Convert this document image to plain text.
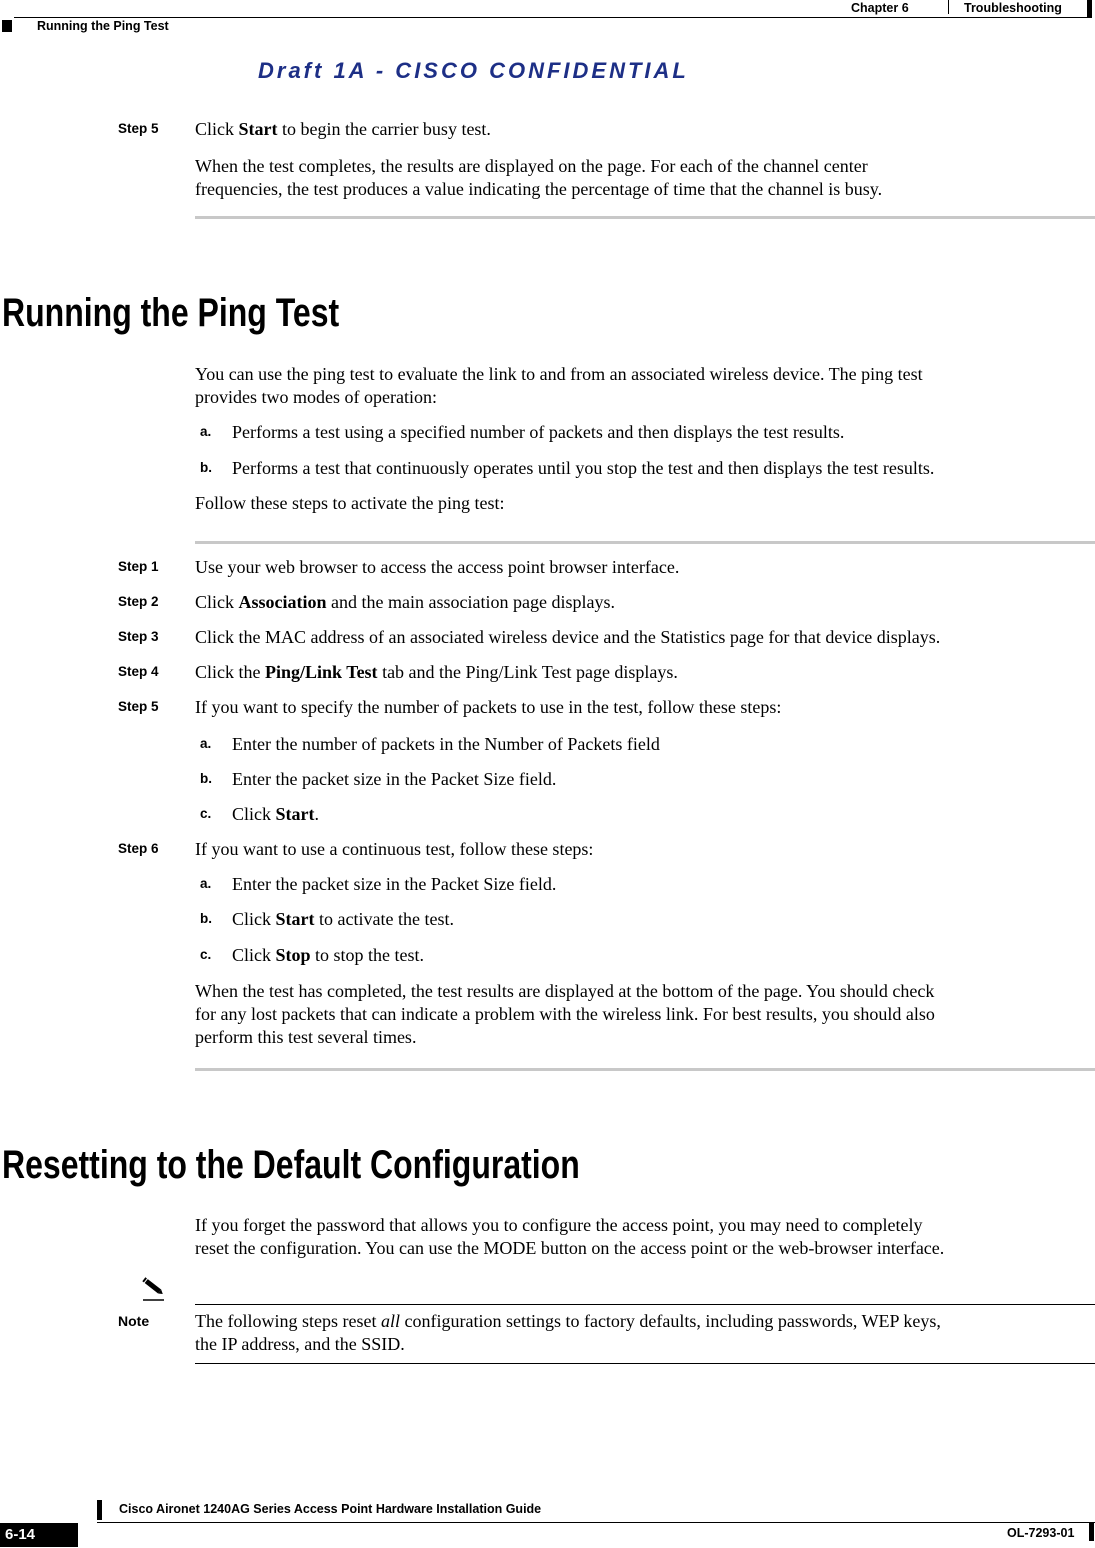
Chapter 6	Troubleshooting
Running the Ping Test
Draft 1A - CISCO CONFIDENTIAL
Step 5 Click Start to begin the carrier busy test.
When the test completes, the results are displayed on the page. For each of the channel center
frequencies, the test produces a value indicating the percentage of time that the channel is busy.
Running the Ping Test
You can use the ping test to evaluate the link to and from an associated wireless device. The ping test
provides two modes of operation:
a. Performs a test using a specified number of packets and then displays the test results.
b. Performs a test that continuously operates until you stop the test and then displays the test results.
Follow these steps to activate the ping test:
Step 1 Use your web browser to access the access point browser interface.
Step 2 Click Association and the main association page displays.
Step 3 Click the MAC address of an associated wireless device and the Statistics page for that device displays.
Step 4 Click the Ping/Link Test tab and the Ping/Link Test page displays.
Step 5 If you want to specify the number of packets to use in the test, follow these steps:
a. Enter the number of packets in the Number of Packets field
b. Enter the packet size in the Packet Size field.
c. Click Start.
Step 6 If you want to use a continuous test, follow these steps:
a. Enter the packet size in the Packet Size field.
b. Click Start to activate the test.
c. Click Stop to stop the test.
When the test has completed, the test results are displayed at the bottom of the page. You should check
for any lost packets that can indicate a problem with the wireless link. For best results, you should also
perform this test several times.
Resetting to the Default Configuration
If you forget the password that allows you to configure the access point, you may need to completely
reset the configuration. You can use the MODE button on the access point or the web-browser interface.
Note	The following steps reset all configuration settings to factory defaults, including passwords, WEP keys,
the IP address, and the SSID.
Cisco Aironet 1240AG Series Access Point Hardware Installation Guide
6-14	OL-7293-01
